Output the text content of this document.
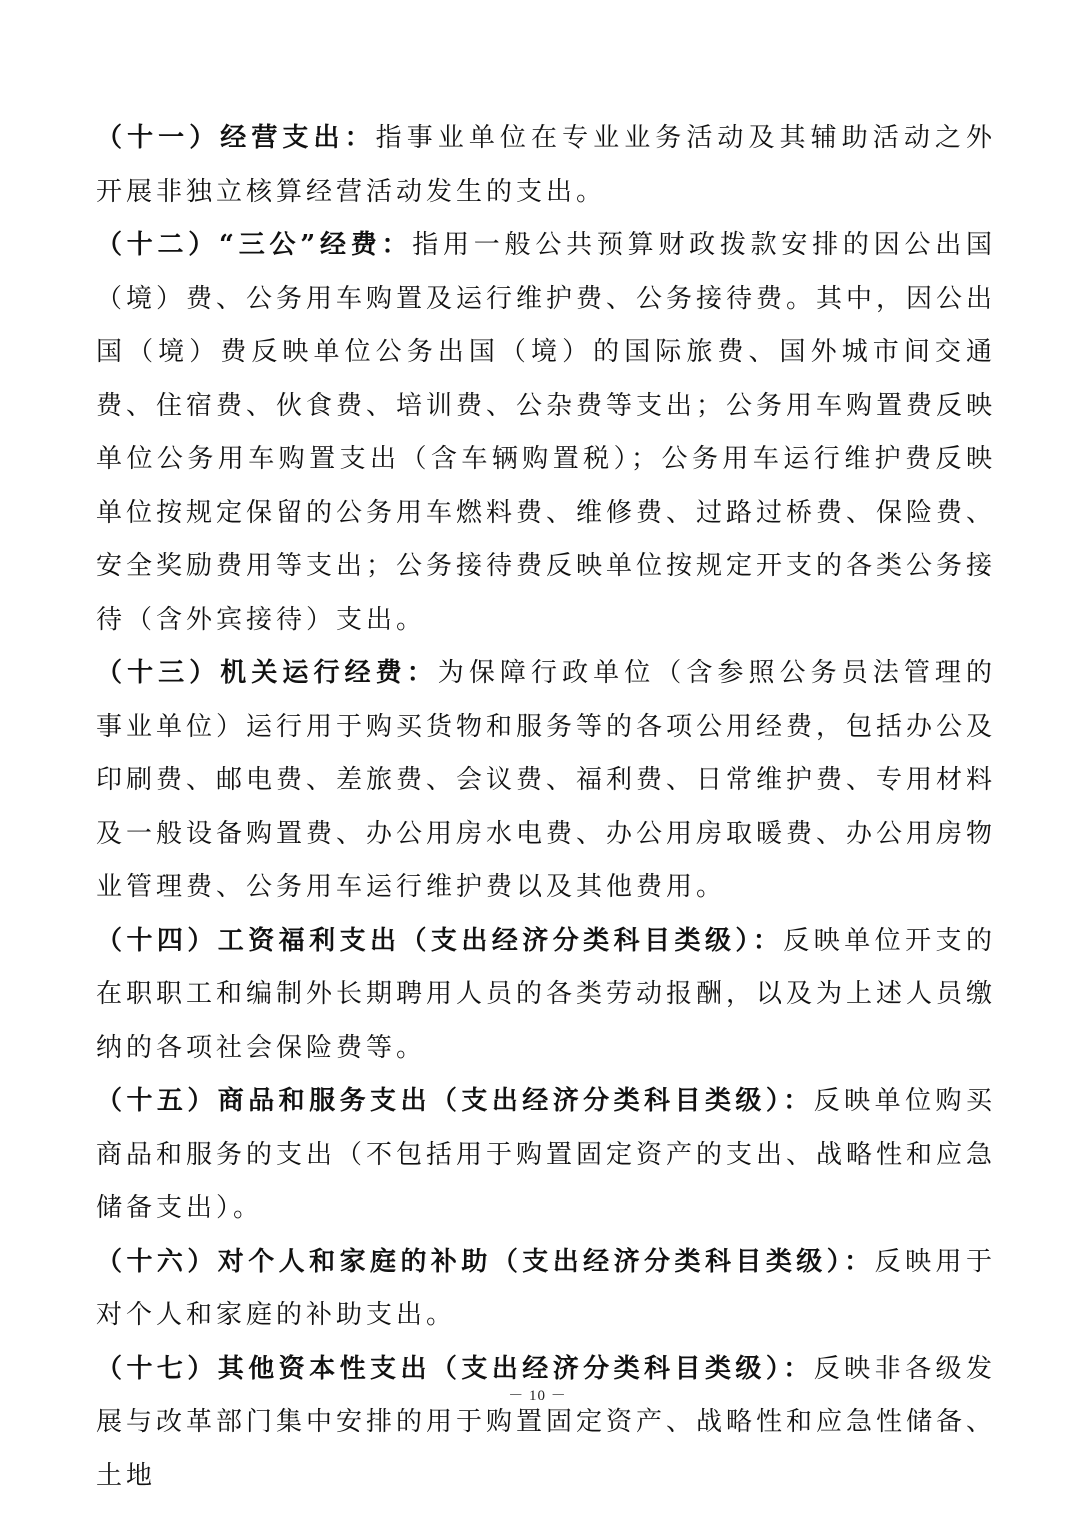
（十一）经营支出：指事业单位在专业业务活动及其辅助活动之外开展非独立核算经营活动发生的支出。

（十二）“三公”经费：指用一般公共预算财政拨款安排的因公出国（境）费、公务用车购置及运行维护费、公务接待费。其中，因公出国（境）费反映单位公务出国（境）的国际旅费、国外城市间交通费、住宿费、伙食费、培训费、公杂费等支出；公务用车购置费反映单位公务用车购置支出（含车辆购置税）；公务用车运行维护费反映单位按规定保留的公务用车燃料费、维修费、过路过桥费、保险费、安全奖励费用等支出；公务接待费反映单位按规定开支的各类公务接待（含外宾接待）支出。

（十三）机关运行经费：为保障行政单位（含参照公务员法管理的事业单位）运行用于购买货物和服务等的各项公用经费，包括办公及印刷费、邮电费、差旅费、会议费、福利费、日常维护费、专用材料及一般设备购置费、办公用房水电费、办公用房取暖费、办公用房物业管理费、公务用车运行维护费以及其他费用。

（十四）工资福利支出（支出经济分类科目类级）：反映单位开支的在职职工和编制外长期聘用人员的各类劳动报酬，以及为上述人员缴纳的各项社会保险费等。

（十五）商品和服务支出（支出经济分类科目类级）：反映单位购买商品和服务的支出（不包括用于购置固定资产的支出、战略性和应急储备支出）。

（十六）对个人和家庭的补助（支出经济分类科目类级）：反映用于对个人和家庭的补助支出。

（十七）其他资本性支出（支出经济分类科目类级）：反映非各级发展与改革部门集中安排的用于购置固定资产、战略性和应急性储备、土地

－ 10 －
